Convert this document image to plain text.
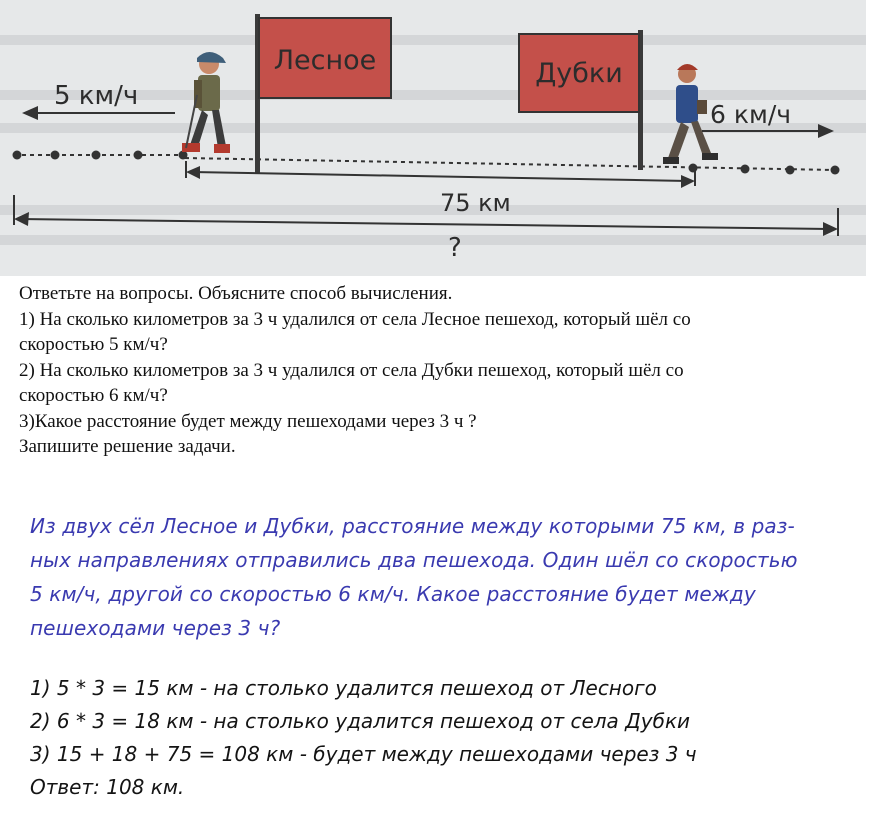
Лесное	Дубки
5 км/ч
6 км/ч
75 км
?
Ответьте на вопросы. Объясните способ вычисления.
1) На сколько километров за 3 ч удалился от села Лесное пешеход, который шёл со
скоростью 5 км/ч?
2) На сколько километров за 3 ч удалился от села Дубки пешеход, который шёл со
скоростью 6 км/ч?
3)Какое расстояние будет между пешеходами через 3 ч ?
Запишите решение задачи.
Из двух сёл Лесное и Дубки, расстояние между которыми 75 км, в раз-
ных направлениях отправились два пешехода. Один шёл со скоростью
5 км/ч, другой со скоростью 6 км/ч. Какое расстояние будет между
пешеходами через 3 ч?
1) 5 * 3 = 15 км - на столько удалится пешеход от Лесного
2) 6 * 3 = 18 км - на столько удалится пешеход от села Дубки
3) 15 + 18 + 75 = 108 км - будет между пешеходами через 3 ч
Ответ: 108 км.
